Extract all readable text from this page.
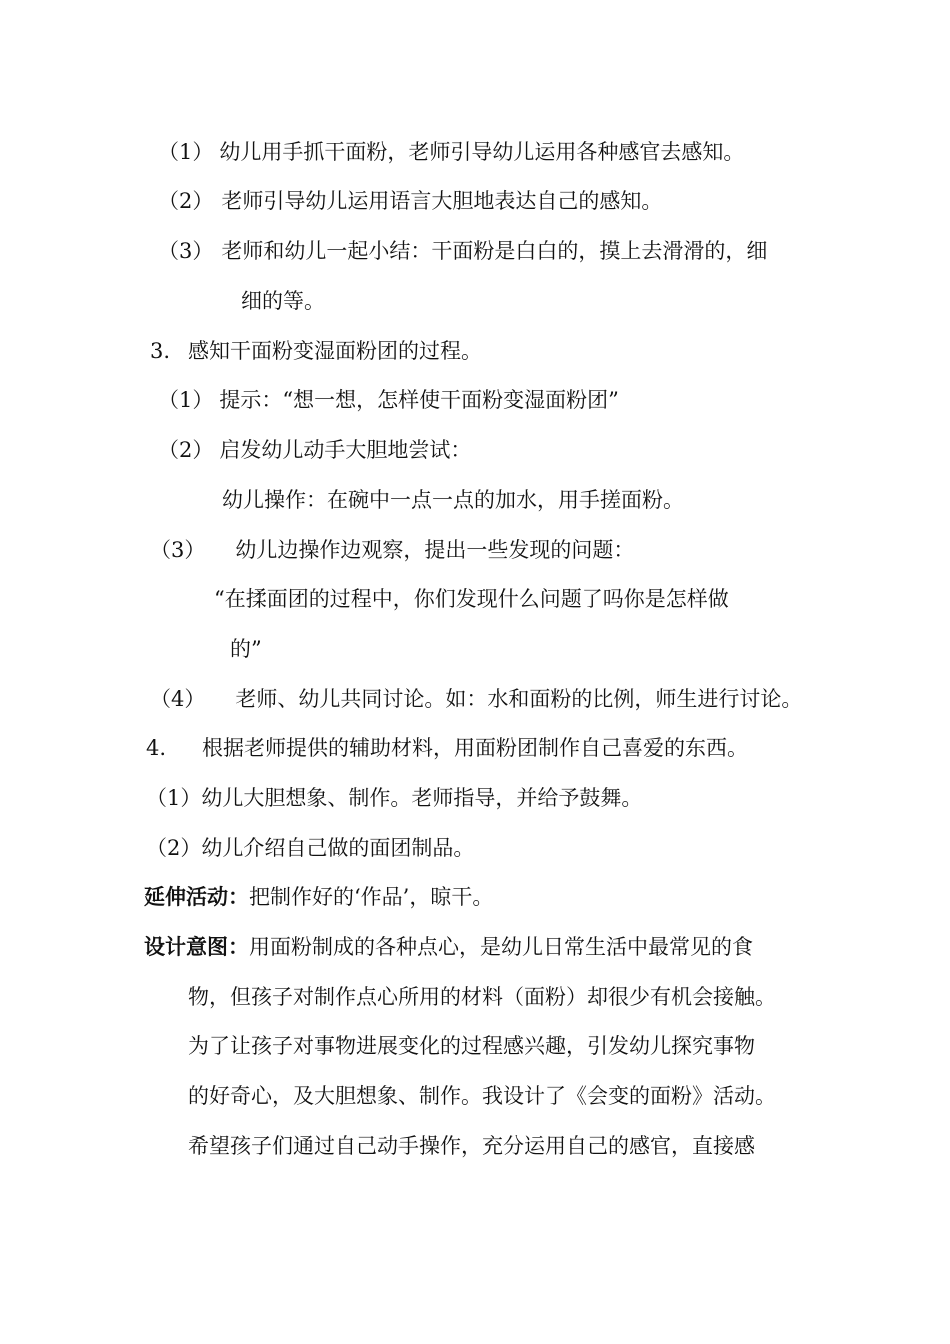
（1） 幼儿用手抓干面粉，老师引导幼儿运用各种感官去感知。
（2） 老师引导幼儿运用语言大胆地表达自己的感知。
（3） 老师和幼儿一起小结：干面粉是白白的，摸上去滑滑的，细
细的等。
3. 感知干面粉变湿面粉团的过程。
（1） 提示：“想一想，怎样使干面粉变湿面粉团”
（2） 启发幼儿动手大胆地尝试：
幼儿操作：在碗中一点一点的加水，用手搓面粉。
（3） 幼儿边操作边观察，提出一些发现的问题：
“在揉面团的过程中，你们发现什么问题了吗你是怎样做
的”
（4） 老师、幼儿共同讨论。如：水和面粉的比例，师生进行讨论。
4. 根据老师提供的辅助材料，用面粉团制作自己喜爱的东西。
（1）幼儿大胆想象、制作。老师指导，并给予鼓舞。
（2）幼儿介绍自己做的面团制品。
延伸活动：把制作好的‘作品’，晾干。
设计意图：用面粉制成的各种点心，是幼儿日常生活中最常见的食
物，但孩子对制作点心所用的材料（面粉）却很少有机会接触。
为了让孩子对事物进展变化的过程感兴趣，引发幼儿探究事物
的好奇心，及大胆想象、制作。我设计了《会变的面粉》活动。
希望孩子们通过自己动手操作，充分运用自己的感官，直接感
